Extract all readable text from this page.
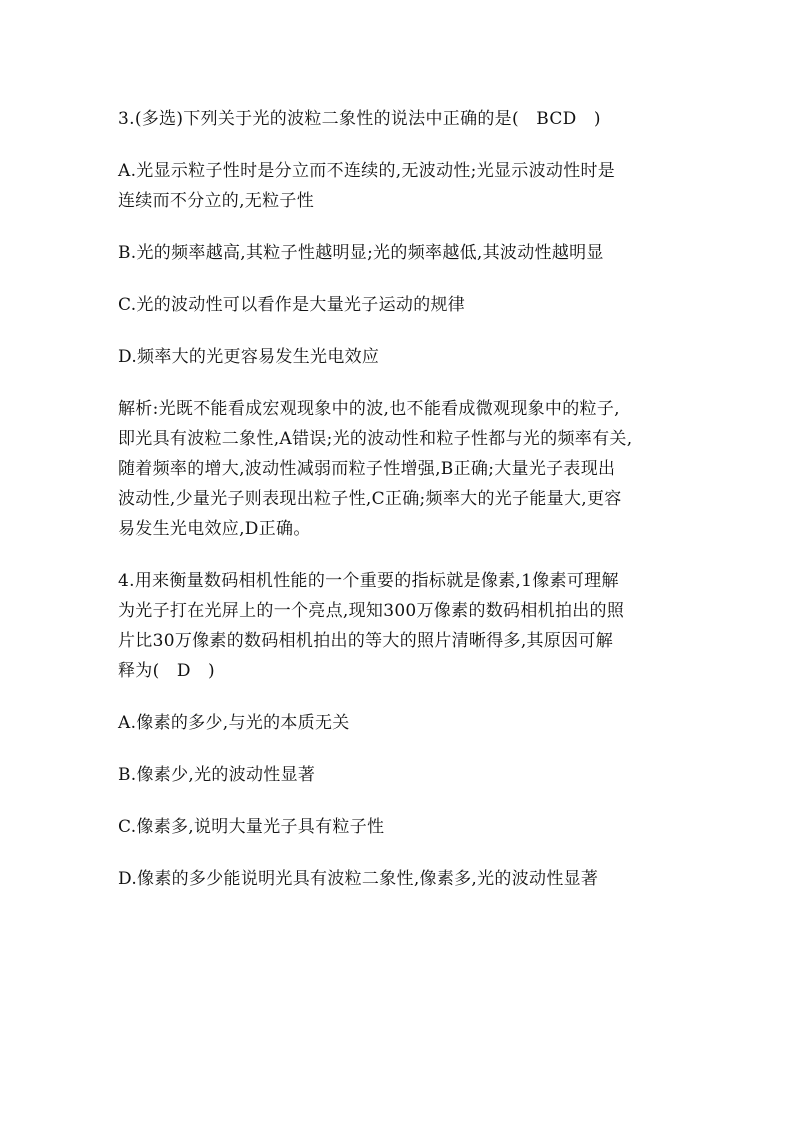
3.(多选)下列关于光的波粒二象性的说法中正确的是(　BCD　)

A.光显示粒子性时是分立而不连续的,无波动性;光显示波动性时是
连续而不分立的,无粒子性

B.光的频率越高,其粒子性越明显;光的频率越低,其波动性越明显

C.光的波动性可以看作是大量光子运动的规律

D.频率大的光更容易发生光电效应

解析:光既不能看成宏观现象中的波,也不能看成微观现象中的粒子,
即光具有波粒二象性,A错误;光的波动性和粒子性都与光的频率有关,
随着频率的增大,波动性减弱而粒子性增强,B正确;大量光子表现出
波动性,少量光子则表现出粒子性,C正确;频率大的光子能量大,更容
易发生光电效应,D正确。

4.用来衡量数码相机性能的一个重要的指标就是像素,1像素可理解
为光子打在光屏上的一个亮点,现知300万像素的数码相机拍出的照
片比30万像素的数码相机拍出的等大的照片清晰得多,其原因可解
释为(　D　)

A.像素的多少,与光的本质无关

B.像素少,光的波动性显著

C.像素多,说明大量光子具有粒子性

D.像素的多少能说明光具有波粒二象性,像素多,光的波动性显著
